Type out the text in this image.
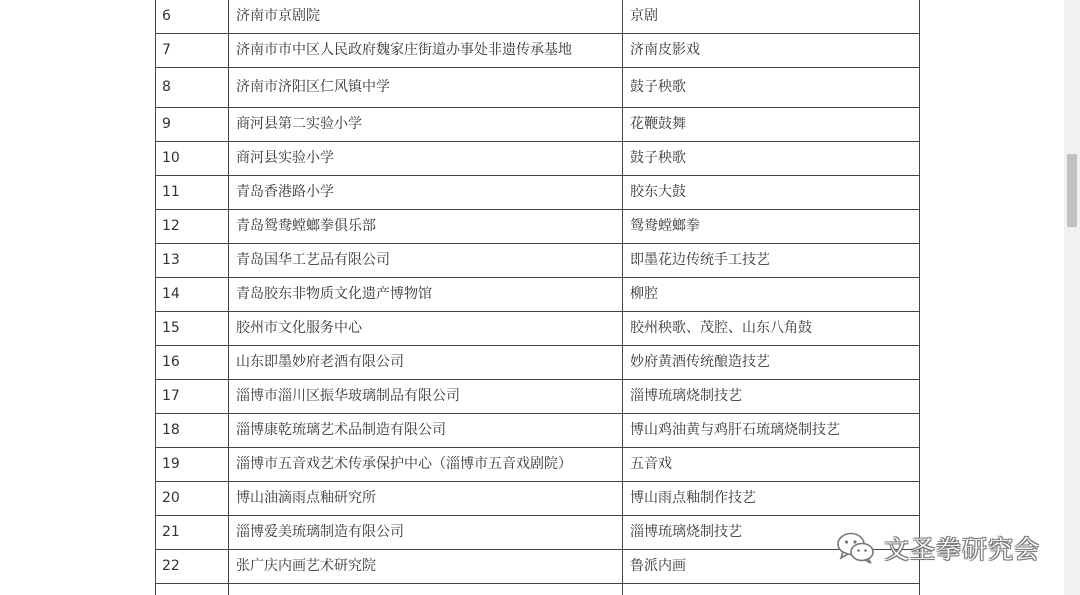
6	济南市京剧院	京剧
7	济南市市中区人民政府魏家庄街道办事处非遗传承基地	济南皮影戏
8	济南市济阳区仁风镇中学	鼓子秧歌
9	商河县第二实验小学	花鞭鼓舞
10	商河县实验小学	鼓子秧歌
11	青岛香港路小学	胶东大鼓
12	青岛鸳鸯螳螂拳俱乐部	鸳鸯螳螂拳
13	青岛国华工艺品有限公司	即墨花边传统手工技艺
14	青岛胶东非物质文化遗产博物馆	柳腔
15	胶州市文化服务中心	胶州秧歌、茂腔、山东八角鼓
16	山东即墨妙府老酒有限公司	妙府黄酒传统酿造技艺
17	淄博市淄川区振华玻璃制品有限公司	淄博琉璃烧制技艺
18	淄博康乾琉璃艺术品制造有限公司	博山鸡油黄与鸡肝石琉璃烧制技艺
19	淄博市五音戏艺术传承保护中心（淄博市五音戏剧院）	五音戏
20	博山油滴雨点釉研究所	博山雨点釉制作技艺
21	淄博爱美琉璃制造有限公司	淄博琉璃烧制技艺
22	张广庆内画艺术研究院	鲁派内画

文圣拳研究会
